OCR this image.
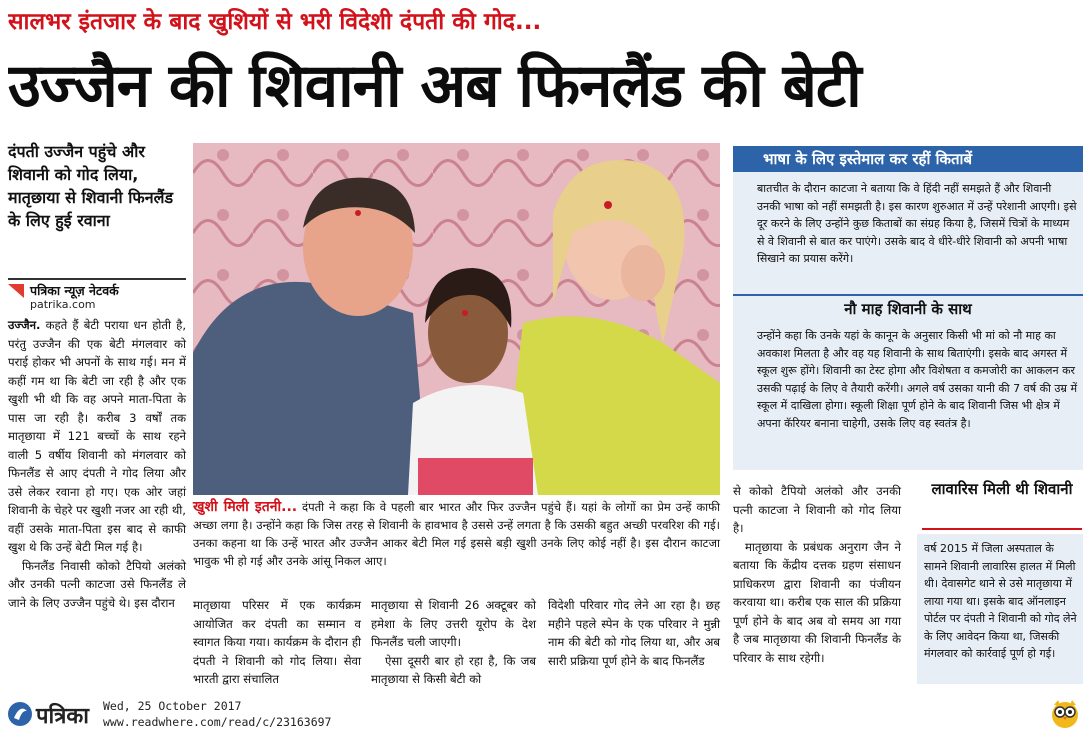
सालभर इंतजार के बाद खुशियों से भरी विदेशी दंपती की गोद...
उज्जैन की शिवानी अब फिनलैंड की बेटी
दंपती उज्जैन पहुंचे और शिवानी को गोद लिया, मातृछाया से शिवानी फिनलैंड के लिए हुई रवाना
पत्रिका न्यूज़ नेटवर्क
patrika.com

उज्जैन. कहते हैं बेटी पराया धन होती है, परंतु उज्जैन की एक बेटी मंगलवार को पराई होकर भी अपनों के साथ गई। मन में कहीं गम था कि बेटी जा रही है और एक खुशी भी थी कि वह अपने माता-पिता के पास जा रही है। करीब 3 वर्षों तक मातृछाया में 121 बच्चों के साथ रहने वाली 5 वर्षीय शिवानी को मंगलवार को फिनलैंड से आए दंपती ने गोद लिया और उसे लेकर रवाना हो गए। एक ओर जहां शिवानी के चेहरे पर खुशी नजर आ रही थी, वहीं उसके माता-पिता इस बाद से काफी खुश थे कि उन्हें बेटी मिल गई है।

फिनलैंड निवासी कोको टैपियो अलंको और उनकी पत्नी काटजा उसे फिनलैंड ले जाने के लिए उज्जैन पहुंचे थे। इस दौरान

खुशी मिली इतनी... दंपती ने कहा कि वे पहली बार भारत और फिर उज्जैन पहुंचे हैं। यहां के लोगों का प्रेम उन्हें काफी अच्छा लगा है। उन्होंने कहा कि जिस तरह से शिवानी के हावभाव है उससे उन्हें लगता है कि उसकी बहुत अच्छी परवरिश की गई। उनका कहना था कि उन्हें भारत और उज्जैन आकर बेटी मिल गई इससे बड़ी खुशी उनके लिए कोई नहीं है। इस दौरान काटजा भावुक भी हो गई और उनके आंसू निकल आए।
मातृछाया परिसर में एक कार्यक्रम आयोजित कर दंपती का सम्मान व स्वागत किया गया। कार्यक्रम के दौरान ही दंपती ने शिवानी को गोद लिया। सेवा भारती द्वारा संचालित

मातृछाया से शिवानी 26 अक्टूबर को हमेशा के लिए उत्तरी यूरोप के देश फिनलैंड चली जाएगी।

ऐसा दूसरी बार हो रहा है, कि जब मातृछाया से किसी बेटी को

विदेशी परिवार गोद लेने आ रहा है। छह महीने पहले स्पेन के एक परिवार ने मुन्नी नाम की बेटी को गोद लिया था, और अब सारी प्रक्रिया पूर्ण होने के बाद फिनलैंड
भाषा के लिए इस्तेमाल कर रहीं किताबें
बातचीत के दौरान काटजा ने बताया कि वे हिंदी नहीं समझते हैं और शिवानी उनकी भाषा को नहीं समझती है। इस कारण शुरुआत में उन्हें परेशानी आएगी। इसे दूर करने के लिए उन्होंने कुछ किताबों का संग्रह किया है, जिसमें चित्रों के माध्यम से वे शिवानी से बात कर पाएंगे। उसके बाद वे धीरे-धीरे शिवानी को अपनी भाषा सिखाने का प्रयास करेंगे।
नौ माह शिवानी के साथ
उन्होंने कहा कि उनके यहां के कानून के अनुसार किसी भी मां को नौ माह का अवकाश मिलता है और वह यह शिवानी के साथ बिताएंगी। इसके बाद अगस्त में स्कूल शुरू होंगे। शिवानी का टेस्ट होगा और विशेषता व कमजोरी का आकलन कर उसकी पढ़ाई के लिए वे तैयारी करेंगी। अगले वर्ष उसका यानी की 7 वर्ष की उम्र में स्कूल में दाखिला होगा। स्कूली शिक्षा पूर्ण होने के बाद शिवानी जिस भी क्षेत्र में अपना कॅरियर बनाना चाहेगी, उसके लिए वह स्वतंत्र है।

से कोको टैपियो अलंको और उनकी पत्नी काटजा ने शिवानी को गोद लिया है।

मातृछाया के प्रबंधक अनुराग जैन ने बताया कि केंद्रीय दत्तक ग्रहण संसाधन प्राधिकरण द्वारा शिवानी का पंजीयन करवाया था। करीब एक साल की प्रक्रिया पूर्ण होने के बाद अब वो समय आ गया है जब मातृछाया की शिवानी फिनलैंड के परिवार के साथ रहेगी।

लावारिस मिली थी शिवानी
वर्ष 2015 में जिला अस्पताल के सामने शिवानी लावारिस हालत में मिली थी। देवासगेट थाने से उसे मातृछाया में लाया गया था। इसके बाद ऑनलाइन पोर्टल पर दंपती ने शिवानी को गोद लेने के लिए आवेदन किया था, जिसकी मंगलवार को कार्रवाई पूर्ण हो गई।
पत्रिका Wed, 25 October 2017
www.readwhere.com/read/c/23163697
